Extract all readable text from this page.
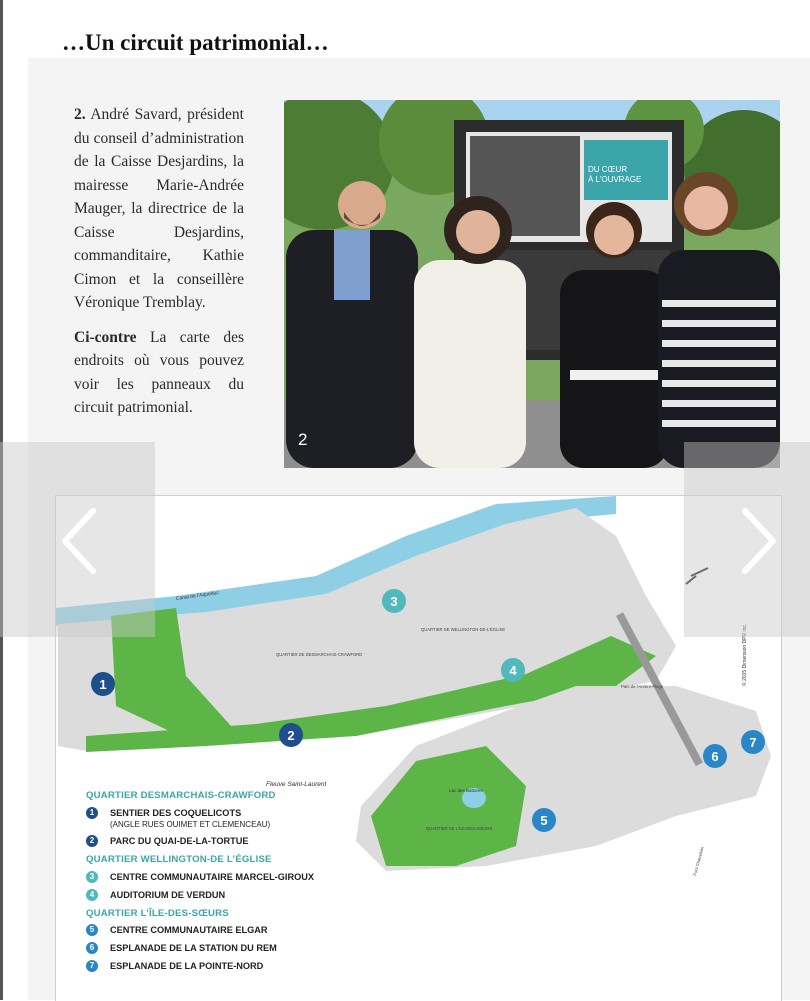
…Un circuit patrimonial…

2. André Savard, président du conseil d’administration de la Caisse Desjardins, la mairesse Marie-Andrée Mauger, la directrice de la Caisse Desjardins, commanditaire, Kathie Cimon et la conseillère Véronique Tremblay.

Ci-contre La carte des endroits où vous pouvez voir les panneaux du circuit patrimonial.

DU CŒUR
À L’OUVRAGE
2
Fleuve Saint-Laurent
Canal de l’Aqueduc
Lac des Battures
QUARTIER DE DESMARCHAIS-CRAWFORD
QUARTIER DE WELLINGTON-DE-L’ÉGLISE
QUARTIER DE L’ÎLE-DES-SŒURS
Parc de l’Arrière-Plage
Pont Champlain
© 2015 Dimension DPR inc.
1
2
3
4
5
6
7
QUARTIER DESMARCHAIS-CRAWFORD
1	SENTIER DES COQUELICOTS
(ANGLE RUES OUIMET ET CLEMENCEAU)
2	PARC DU QUAI-DE-LA-TORTUE
QUARTIER WELLINGTON-DE L’ÉGLISE
3	CENTRE COMMUNAUTAIRE MARCEL-GIROUX
4	AUDITORIUM DE VERDUN
QUARTIER L’ÎLE-DES-SŒURS
5	CENTRE COMMUNAUTAIRE ELGAR
6	ESPLANADE DE LA STATION DU REM
7	ESPLANADE DE LA POINTE-NORD
